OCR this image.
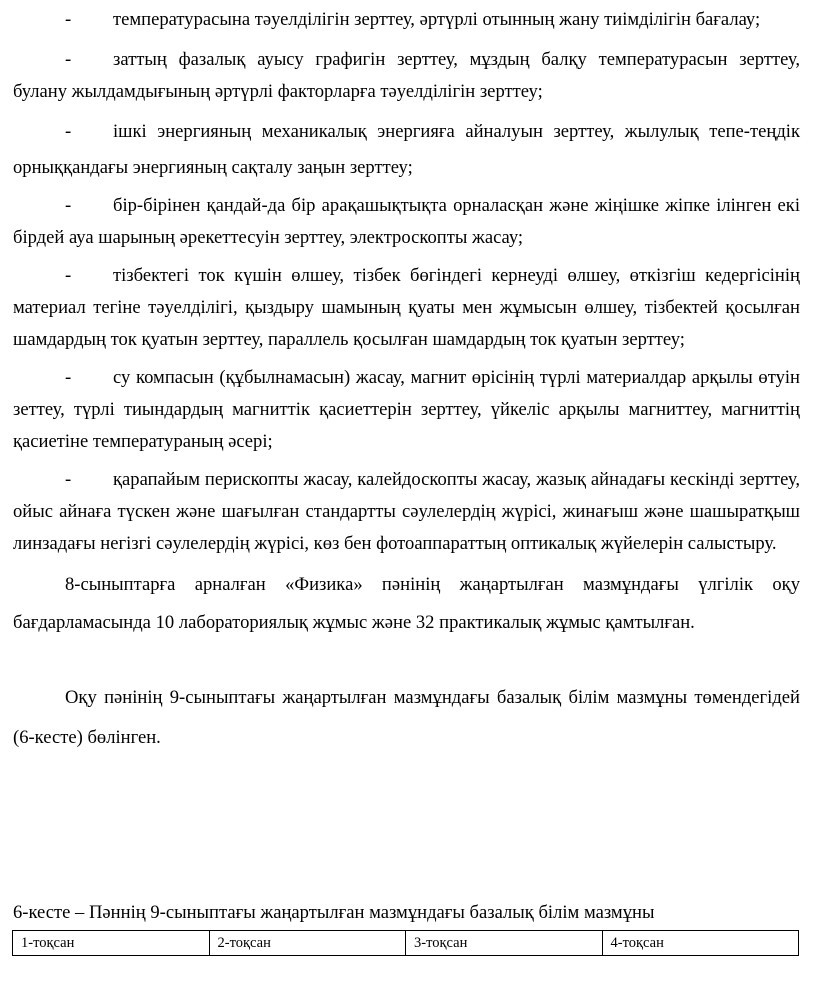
- температурасына тәуелділігін зерттеу, әртүрлі отынның жану тиімділігін бағалау;

- заттың фазалық ауысу графигін зерттеу, мұздың балқу температурасын зерттеу, булану жылдамдығының әртүрлі факторларға тәуелділігін зерттеу;

- ішкі энергияның механикалық энергияға айналуын зерттеу, жылулық тепе-теңдік орныққандағы энергияның сақталу заңын зерттеу;

- бір-бірінен қандай-да бір арақашықтықта орналасқан және жіңішке жіпке ілінген екі бірдей ауа шарының әрекеттесуін зерттеу, электроскопты жасау;

- тізбектегі ток күшін өлшеу, тізбек бөгіндегі кернеуді өлшеу, өткізгіш кедергісінің материал тегіне тәуелділігі, қыздыру шамының қуаты мен жұмысын өлшеу, тізбектей қосылған шамдардың ток қуатын зерттеу, параллель қосылған шамдардың ток қуатын зерттеу;

- су компасын (құбылнамасын) жасау, магнит өрісінің түрлі материалдар арқылы өтуін зеттеу, түрлі тиындардың магниттік қасиеттерін зерттеу, үйкеліс арқылы магниттеу, магниттің қасиетіне температураның әсері;

- қарапайым перископты жасау, калейдоскопты жасау, жазық айнадағы кескінді зерттеу, ойыс айнаға түскен және шағылған стандартты сәулелердің жүрісі, жинағыш және шашыратқыш линзадағы негізгі сәулелердің жүрісі, көз бен фотоаппараттың оптикалық жүйелерін салыстыру.

8-сыныптарға арналған «Физика» пәнінің жаңартылған мазмұндағы үлгілік оқу бағдарламасында 10 лабораториялық жұмыс және 32 практикалық жұмыс қамтылған.

Оқу пәнінің 9-сыныптағы жаңартылған мазмұндағы базалық білім мазмұны төмендегідей (6-кесте) бөлінген.

6-кесте – Пәннің 9-сыныптағы жаңартылған мазмұндағы базалық білім мазмұны
1-тоқсан	2-тоқсан	3-тоқсан	4-тоқсан
